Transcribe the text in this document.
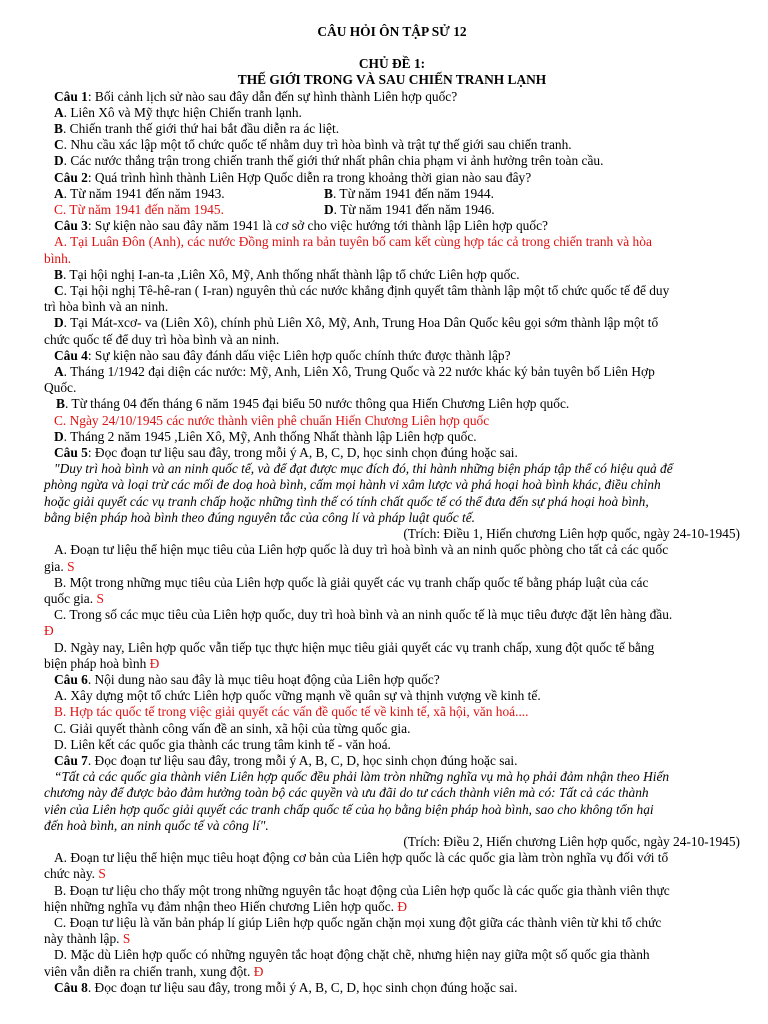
CÂU HỎI ÔN TẬP SỬ 12
CHỦ ĐỀ 1:
THẾ GIỚI TRONG VÀ SAU CHIẾN TRANH LẠNH

Câu 1: Bối cảnh lịch sử nào sau đây dẫn đến sự hình thành Liên hợp quốc?

A. Liên Xô và Mỹ thực hiện Chiến tranh lạnh.

B. Chiến tranh thế giới thứ hai bắt đầu diễn ra ác liệt.

C. Nhu cầu xác lập một tổ chức quốc tế nhằm duy trì hòa bình và trật tự thế giới sau chiến tranh.

D. Các nước thắng trận trong chiến tranh thế giới thứ nhất phân chia phạm vi ảnh hưởng trên toàn cầu.

Câu 2: Quá trình hình thành Liên Hợp Quốc diễn ra trong khoảng thời gian nào sau đây?

A. Từ năm 1941 đến năm 1943.	B. Từ năm 1941 đến năm 1944.
C. Từ năm 1941 đến năm 1945.	D. Từ năm 1941 đến năm 1946.

Câu 3: Sự kiện nào sau đây năm 1941 là cơ sở cho việc hướng tới thành lập Liên hợp quốc?

A. Tại Luân Đôn (Anh), các nước Đồng minh ra bản tuyên bố cam kết cùng hợp tác cả trong chiến tranh và hòa

bình.

B. Tại hội nghị I-an-ta ,Liên Xô, Mỹ, Anh thống nhất thành lập tổ chức Liên hợp quốc.

C. Tại hội nghị Tê-hê-ran ( I-ran) nguyên thủ các nước khẳng định quyết tâm thành lập một tổ chức quốc tế để duy

trì hòa bình và an ninh.

D. Tại Mát-xcơ- va (Liên Xô), chính phủ Liên Xô, Mỹ, Anh, Trung Hoa Dân Quốc kêu gọi sớm thành lập một tổ

chức quốc tế để duy trì hòa bình và an ninh.

Câu 4: Sự kiện nào sau đây đánh dấu việc Liên hợp quốc chính thức được thành lập?

A. Tháng 1/1942 đại diện các nước: Mỹ, Anh, Liên Xô, Trung Quốc và 22 nước khác ký bản tuyên bố Liên Hợp

Quốc.

B. Từ tháng 04 đến tháng 6 năm 1945 đại biểu 50 nước thông qua Hiến Chương Liên hợp quốc.

C. Ngày 24/10/1945 các nước thành viên phê chuẩn Hiến Chương Liên hợp quốc

D. Tháng 2 năm 1945 ,Liên Xô, Mỹ, Anh thống Nhất thành lập Liên hợp quốc.

Câu 5: Đọc đoạn tư liệu sau đây, trong mỗi ý A, B, C, D, học sinh chọn đúng hoặc sai.

"Duy trì hoà bình và an ninh quốc tế, và để đạt được mục đích đó, thi hành những biện pháp tập thể có hiệu quả để

phòng ngừa và loại trừ các mối đe doạ hoà bình, cấm mọi hành vi xâm lược và phá hoại hoà bình khác, điều chỉnh

hoặc giải quyết các vụ tranh chấp hoặc những tình thế có tính chất quốc tế có thể đưa đến sự phá hoại hoà bình,

bằng biện pháp hoà bình theo đúng nguyên tắc của công lí và pháp luật quốc tế.

(Trích: Điều 1, Hiến chương Liên hợp quốc, ngày 24-10-1945)

A. Đoạn tư liệu thể hiện mục tiêu của Liên hợp quốc là duy trì hoà bình và an ninh quốc phòng cho tất cả các quốc

gia. S

B. Một trong những mục tiêu của Liên hợp quốc là giải quyết các vụ tranh chấp quốc tế bằng pháp luật của các

quốc gia. S

C. Trong số các mục tiêu của Liên hợp quốc, duy trì hoà bình và an ninh quốc tế là mục tiêu được đặt lên hàng đầu.

Đ

D. Ngày nay, Liên hợp quốc vẫn tiếp tục thực hiện mục tiêu giải quyết các vụ tranh chấp, xung đột quốc tế bằng

biện pháp hoà bình Đ

Câu 6. Nội dung nào sau đây là mục tiêu hoạt động của Liên hợp quốc?

A. Xây dựng một tổ chức Liên hợp quốc vững mạnh về quân sự và thịnh vượng về kinh tế.

B. Hợp tác quốc tế trong việc giải quyết các vấn đề quốc tế về kinh tế, xã hội, văn hoá....

C. Giải quyết thành công vấn đề an sinh, xã hội của từng quốc gia.

D. Liên kết các quốc gia thành các trung tâm kinh tế - văn hoá.

Câu 7. Đọc đoạn tư liệu sau đây, trong mỗi ý A, B, C, D, học sinh chọn đúng hoặc sai.

“Tất cả các quốc gia thành viên Liên hợp quốc đều phải làm tròn những nghĩa vụ mà họ phải đảm nhận theo Hiến

chương này để được bảo đảm hưởng toàn bộ các quyền và ưu đãi do tư cách thành viên mà có: Tất cả các thành

viên của Liên hợp quốc giải quyết các tranh chấp quốc tế của họ bằng biện pháp hoà bình, sao cho không tổn hại

đến hoà bình, an ninh quốc tế và công lí".

(Trích: Điều 2, Hiến chương Liên hợp quốc, ngày 24-10-1945)

A. Đoạn tư liệu thể hiện mục tiêu hoạt động cơ bản của Liên hợp quốc là các quốc gia làm tròn nghĩa vụ đối với tổ

chức này. S

B. Đoạn tư liệu cho thấy một trong những nguyên tắc hoạt động của Liên hợp quốc là các quốc gia thành viên thực

hiện những nghĩa vụ đảm nhận theo Hiến chương Liên hợp quốc. Đ

C. Đoạn tư liệu là văn bản pháp lí giúp Liên hợp quốc ngăn chặn mọi xung đột giữa các thành viên từ khi tổ chức

này thành lập. S

D. Mặc dù Liên hợp quốc có những nguyên tắc hoạt động chặt chẽ, nhưng hiện nay giữa một số quốc gia thành

viên vẫn diễn ra chiến tranh, xung đột. Đ

Câu 8. Đọc đoạn tư liệu sau đây, trong mỗi ý A, B, C, D, học sinh chọn đúng hoặc sai.
